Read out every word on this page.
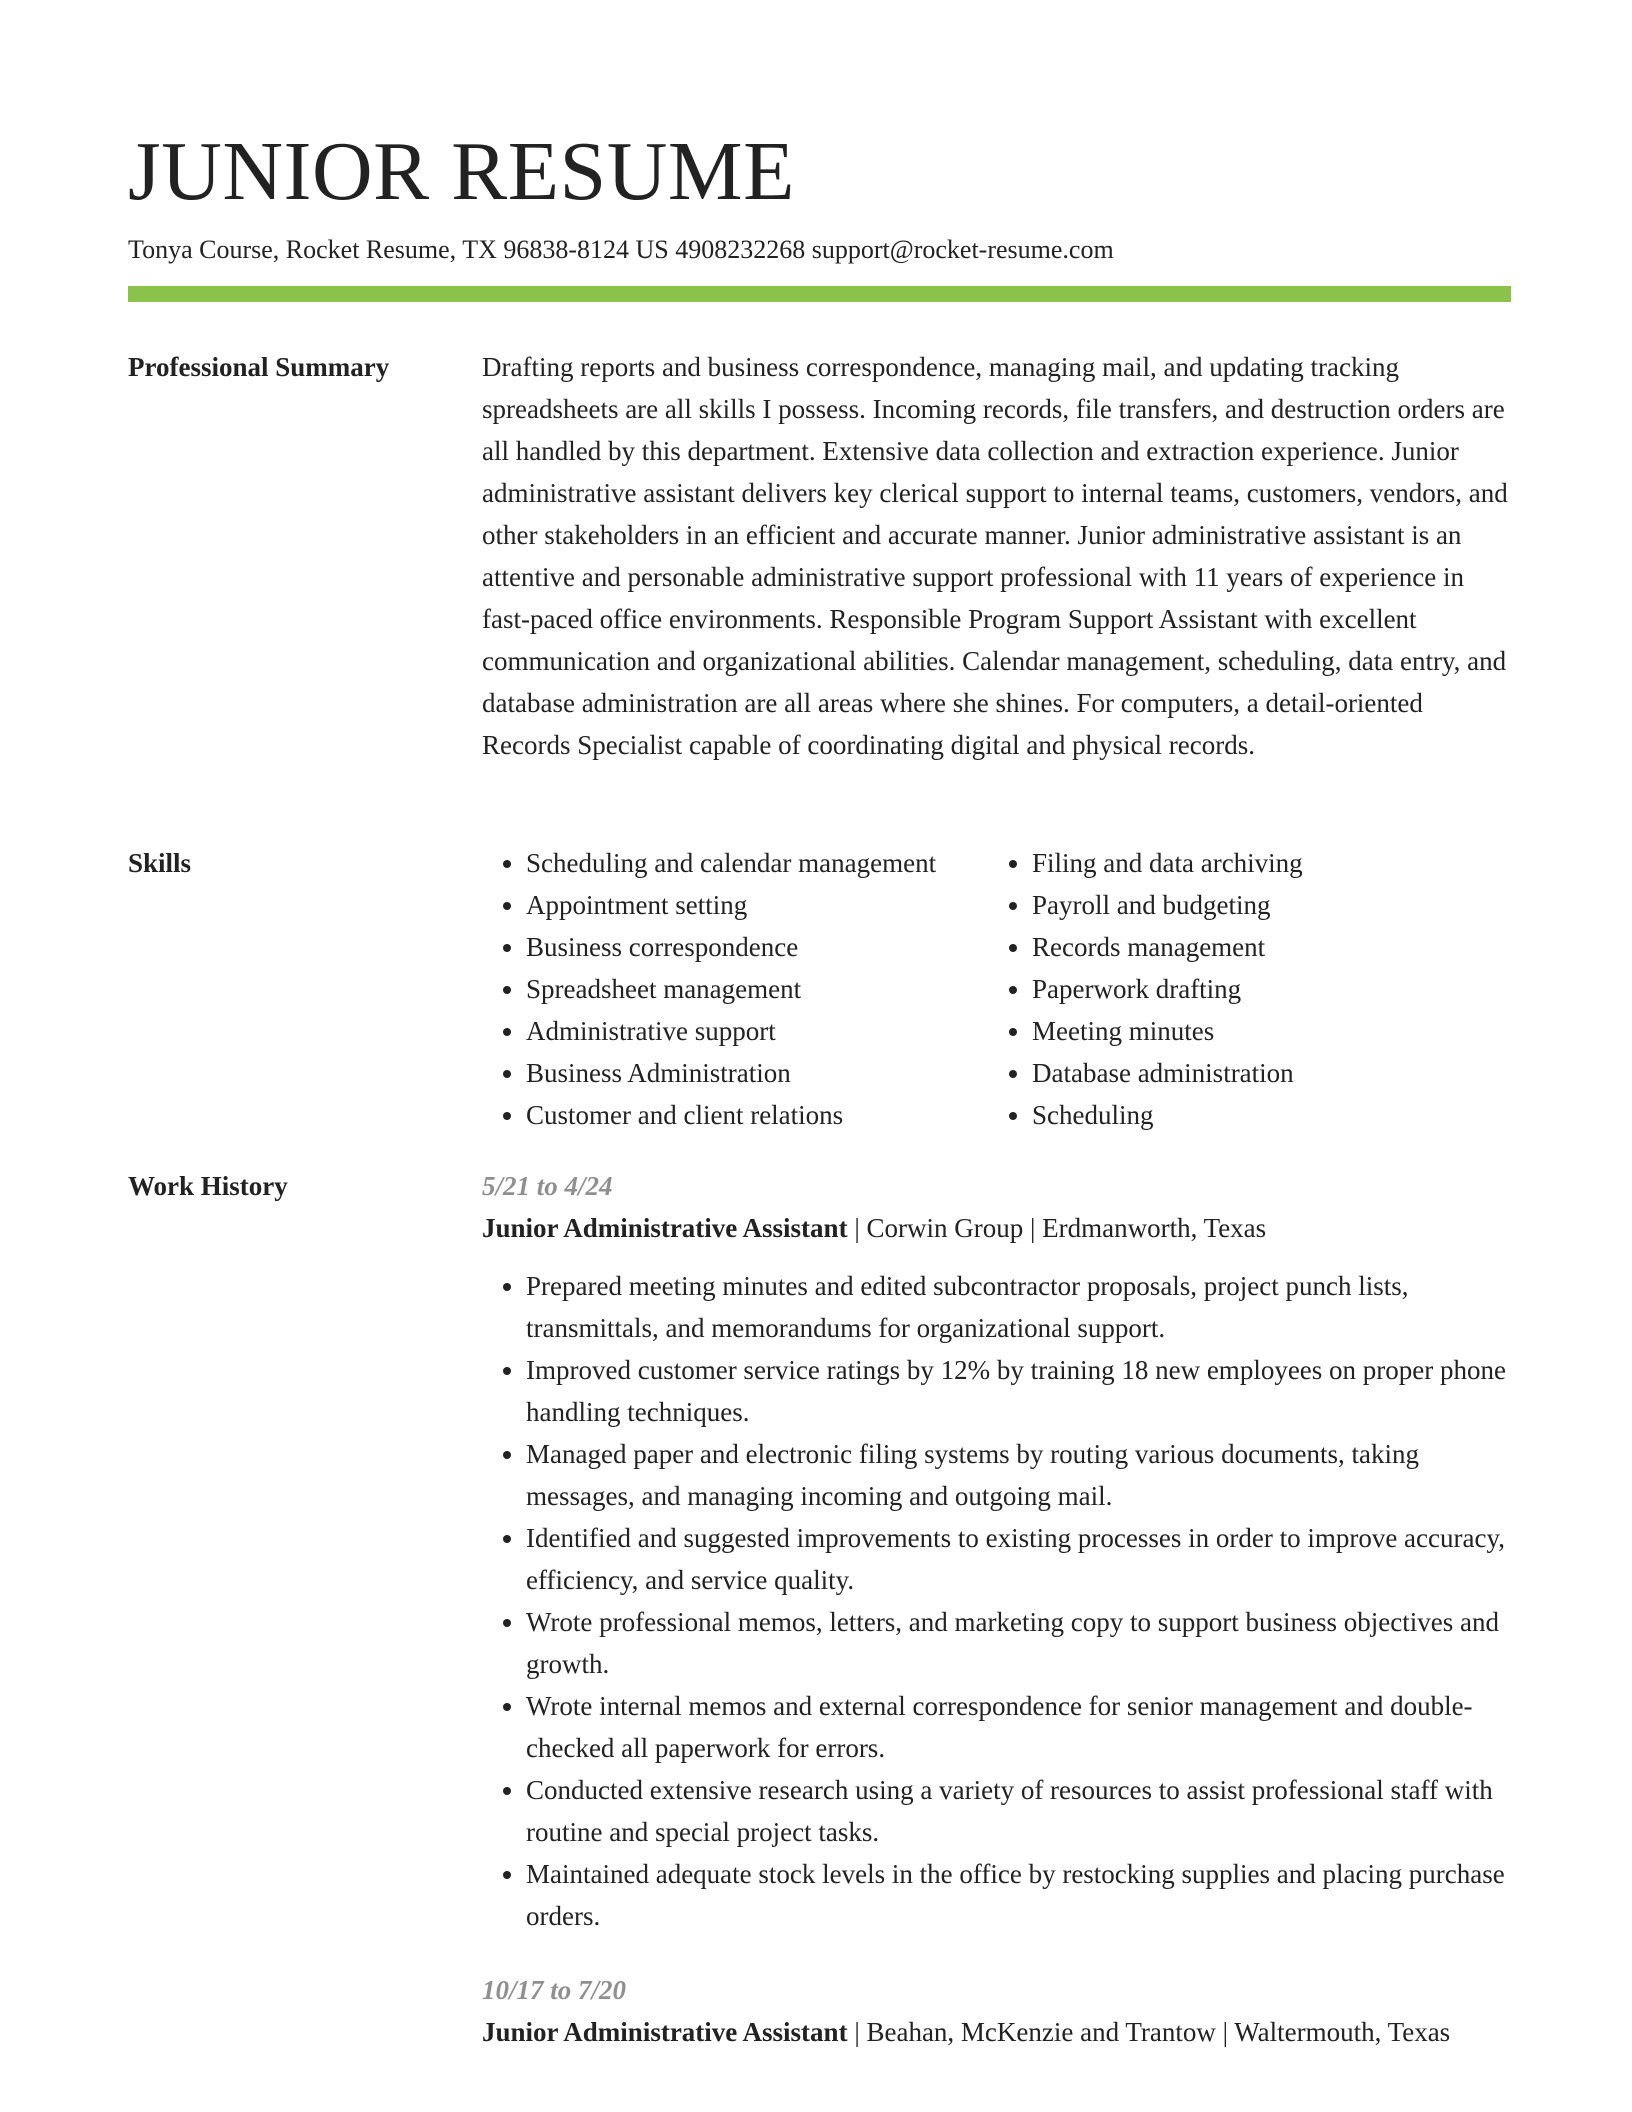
JUNIOR RESUME
Tonya Course, Rocket Resume, TX 96838-8124 US 4908232268 support@rocket-resume.com
Professional Summary	Drafting reports and business correspondence, managing mail, and updating tracking spreadsheets are all skills I possess. Incoming records, file transfers, and destruction orders are all handled by this department. Extensive data collection and extraction experience. Junior administrative assistant delivers key clerical support to internal teams, customers, vendors, and other stakeholders in an efficient and accurate manner. Junior administrative assistant is an attentive and personable administrative support professional with 11 years of experience in fast-paced office environments. Responsible Program Support Assistant with excellent communication and organizational abilities. Calendar management, scheduling, data entry, and database administration are all areas where she shines. For computers, a detail-oriented Records Specialist capable of coordinating digital and physical records.

Skills
•	Scheduling and calendar management
• Appointment setting
• Business correspondence
• Spreadsheet management
• Administrative support
• Business Administration
• Customer and client relations
• Filing and data archiving
• Payroll and budgeting
• Records management
• Paperwork drafting
• Meeting minutes
• Database administration
• Scheduling
Work History	5/21 to 4/24

Junior Administrative Assistant | Corwin Group | Erdmanworth, Texas

• Prepared meeting minutes and edited subcontractor proposals, project punch lists, transmittals, and memorandums for organizational support.
• Improved customer service ratings by 12% by training 18 new employees on proper phone handling techniques.
• Managed paper and electronic filing systems by routing various documents, taking messages, and managing incoming and outgoing mail.
• Identified and suggested improvements to existing processes in order to improve accuracy, efficiency, and service quality.
• Wrote professional memos, letters, and marketing copy to support business objectives and growth.
• Wrote internal memos and external correspondence for senior management and double-checked all paperwork for errors.
• Conducted extensive research using a variety of resources to assist professional staff with routine and special project tasks.
• Maintained adequate stock levels in the office by restocking supplies and placing purchase orders.
10/17 to 7/20

Junior Administrative Assistant | Beahan, McKenzie and Trantow | Waltermouth, Texas
